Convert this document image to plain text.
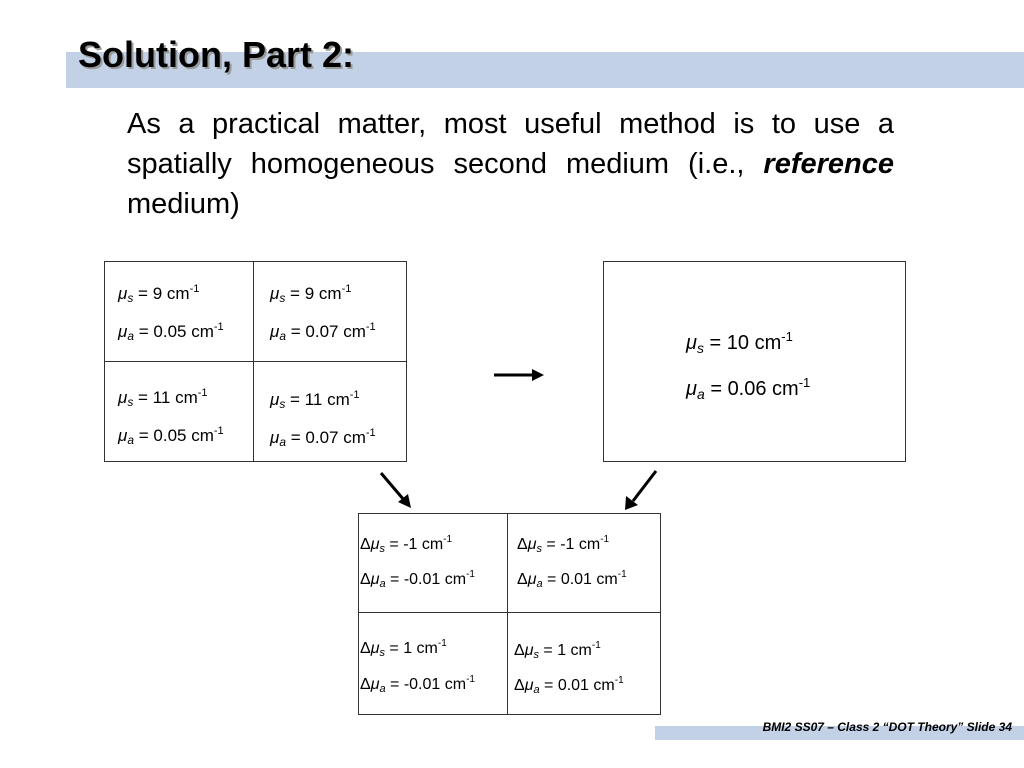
Solution, Part 2:
As a practical matter, most useful method is to use a spatially homogeneous second medium (i.e., reference medium)
$\mu_s = 9$ $cm^{-1}$
$\mu_a = 0.05$ $cm^{-1}$
$\mu_s = 9$ $cm^{-1}$
$\mu_a = 0.07$ $cm^{-1}$
$\mu_s = 11$ $cm^{-1}$
$\mu_a = 0.05$ $cm^{-1}$
$\mu_s = 11$ $cm^{-1}$
$\mu_a = 0.07$ $cm^{-1}$
$\mu_s = 10$ $cm^{-1}$
$\mu_a = 0.06$ $cm^{-1}$
$\Delta\mu_s = -1$ $cm^{-1}$
$\Delta\mu_a = -0.01$ $cm^{-1}$
$\Delta\mu_s = -1$ $cm^{-1}$
$\Delta\mu_a = 0.01$ $cm^{-1}$
$\Delta\mu_s = 1$ $cm^{-1}$
$\Delta\mu_a = -0.01$ $cm^{-1}$
$\Delta\mu_s = 1$ $cm^{-1}$
$\Delta\mu_a = 0.01$ $cm^{-1}$
BMI2 SS07 – Class 2 “DOT Theory” Slide 34
